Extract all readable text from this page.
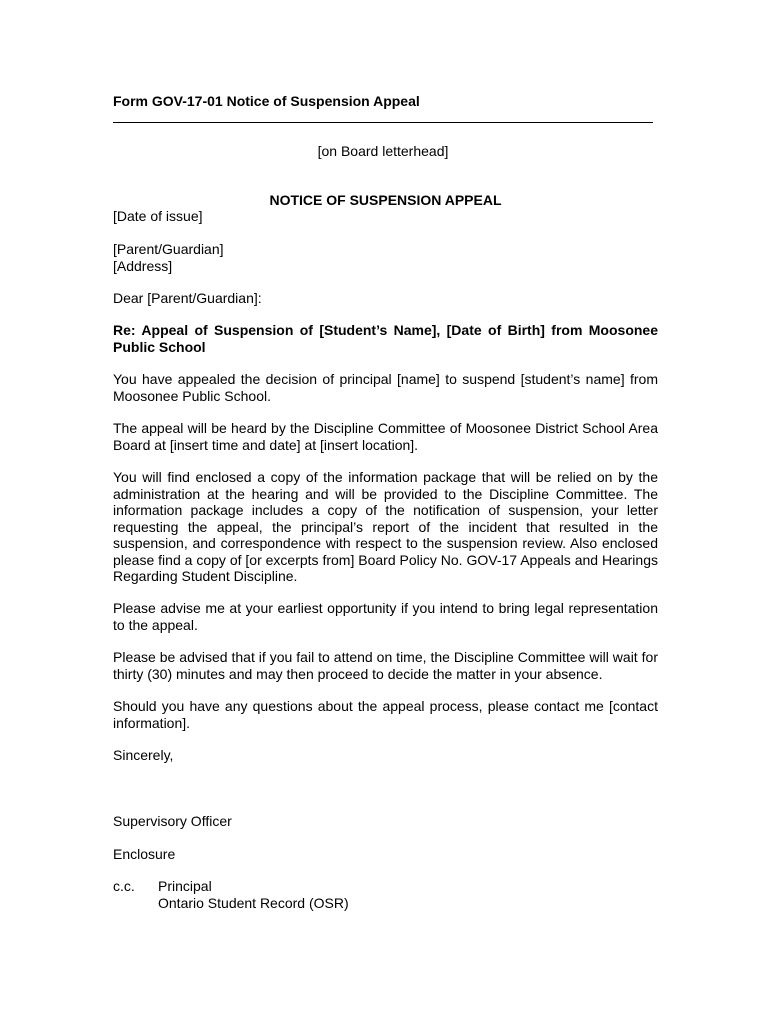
Form GOV-17-01 Notice of Suspension Appeal
[on Board letterhead]
NOTICE OF SUSPENSION APPEAL
[Date of issue]
[Parent/Guardian]
[Address]
Dear [Parent/Guardian]:
Re: Appeal of Suspension of [Student’s Name], [Date of Birth] from Moosonee Public School
You have appealed the decision of principal [name] to suspend [student’s name] from Moosonee Public School.
The appeal will be heard by the Discipline Committee of Moosonee District School Area Board at [insert time and date] at [insert location].
You will find enclosed a copy of the information package that will be relied on by the administration at the hearing and will be provided to the Discipline Committee. The information package includes a copy of the notification of suspension, your letter requesting the appeal, the principal’s report of the incident that resulted in the suspension, and correspondence with respect to the suspension review. Also enclosed please find a copy of [or excerpts from] Board Policy No. GOV-17 Appeals and Hearings Regarding Student Discipline.
Please advise me at your earliest opportunity if you intend to bring legal representation to the appeal.
Please be advised that if you fail to attend on time, the Discipline Committee will wait for thirty (30) minutes and may then proceed to decide the matter in your absence.
Should you have any questions about the appeal process, please contact me [contact information].
Sincerely,
Supervisory Officer
Enclosure
c.c. Principal
Ontario Student Record (OSR)
